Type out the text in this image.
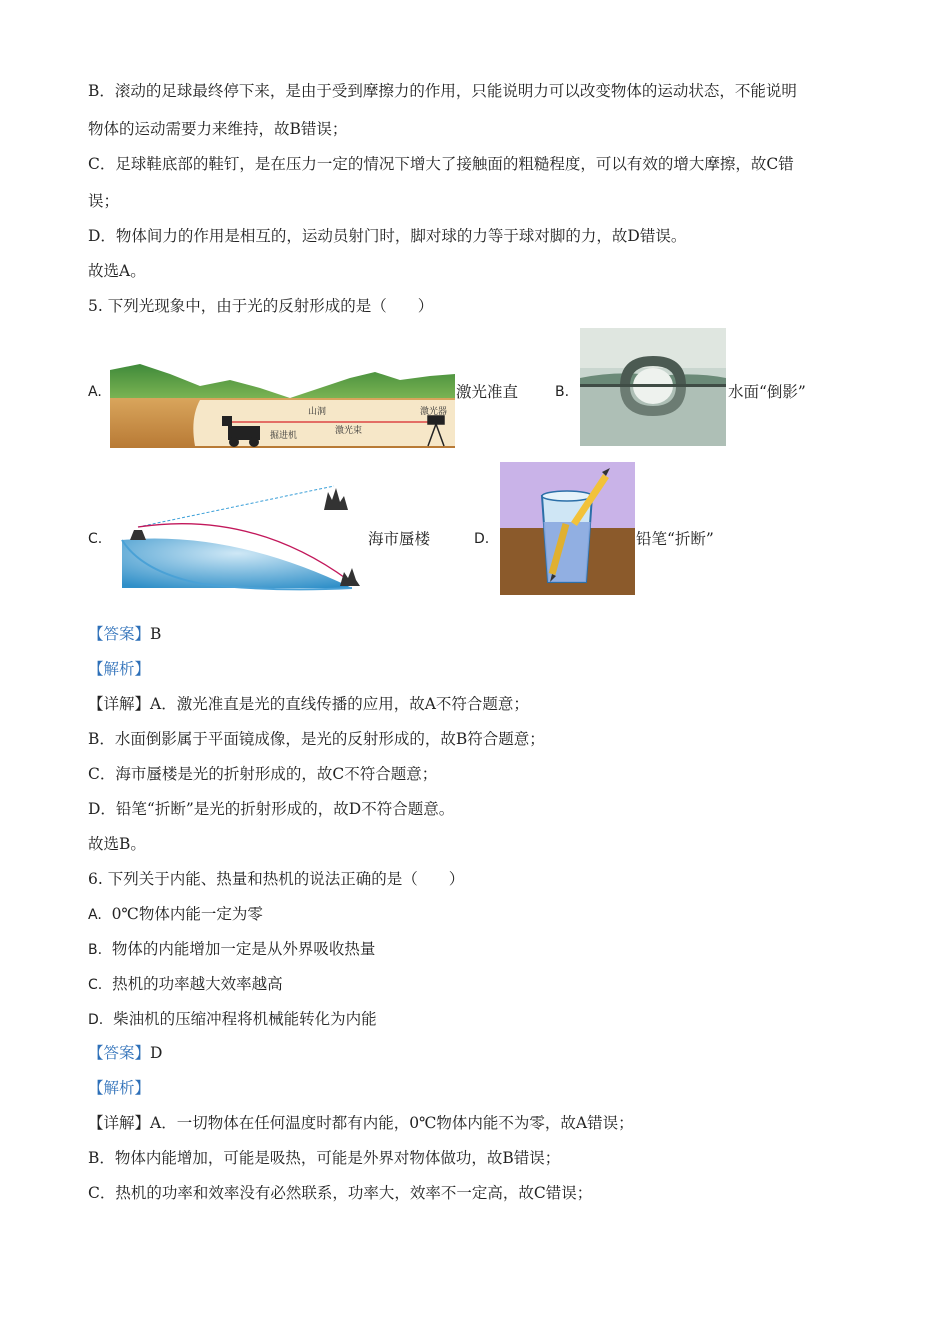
B．滚动的足球最终停下来，是由于受到摩擦力的作用，只能说明力可以改变物体的运动状态，不能说明
物体的运动需要力来维持，故B错误；
C．足球鞋底部的鞋钉，是在压力一定的情况下增大了接触面的粗糙程度，可以有效的增大摩擦，故C错
误；
D．物体间力的作用是相互的，运动员射门时，脚对球的力等于球对脚的力，故D错误。
故选A。
5. 下列光现象中，由于光的反射形成的是（　　）
A.
山洞	激光器
激光束
掘进机
激光准直	B.	水面“倒影”
C.	海市蜃楼	D.	铅笔“折断”
【答案】B
【解析】
【详解】A．激光准直是光的直线传播的应用，故A不符合题意；
B．水面倒影属于平面镜成像，是光的反射形成的，故B符合题意；
C．海市蜃楼是光的折射形成的，故C不符合题意；
D．铅笔“折断”是光的折射形成的，故D不符合题意。
故选B。
6. 下列关于内能、热量和热机的说法正确的是（　　）
A. 0℃物体内能一定为零
B. 物体的内能增加一定是从外界吸收热量
C. 热机的功率越大效率越高
D. 柴油机的压缩冲程将机械能转化为内能
【答案】D
【解析】
【详解】A．一切物体在任何温度时都有内能，0℃物体内能不为零，故A错误；
B．物体内能增加，可能是吸热，可能是外界对物体做功，故B错误；
C．热机的功率和效率没有必然联系，功率大，效率不一定高，故C错误；
